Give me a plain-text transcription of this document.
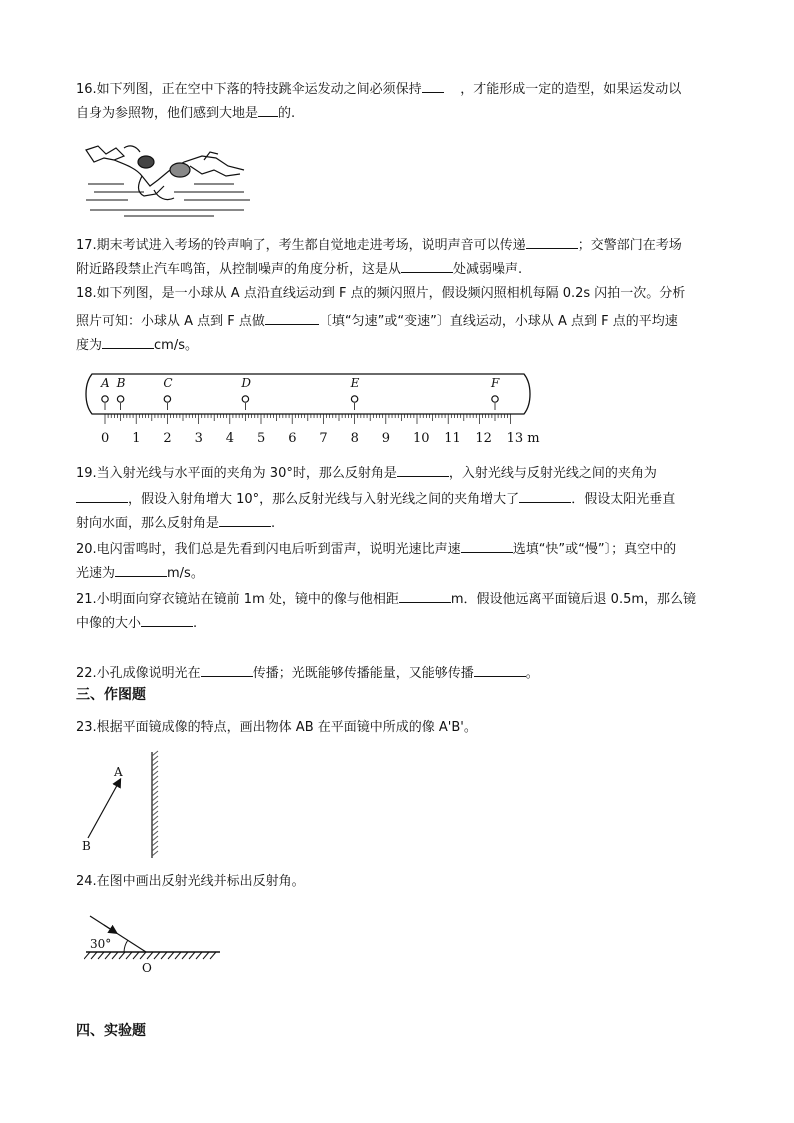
16.如下列图，正在空中下落的特技跳伞运发动之间必须保持	，才能形成一定的造型，如果运发动以
自身为参照物，他们感到大地是 的.
17.期末考试进入考场的铃声响了，考生都自觉地走进考场，说明声音可以传递	；交警部门在考场
附近路段禁止汽车鸣笛，从控制噪声的角度分析，这是从	处减弱噪声.
18.如下列图，是一小球从 A 点沿直线运动到 F 点的频闪照片，假设频闪照相机每隔 0.2s 闪拍一次。分析
照片可知：小球从 A 点到 F 点做	〔填“匀速”或“变速”〕直线运动，小球从 A 点到 F 点的平均速
度为	cm/s。
A B	C	D	E	F
0 1 2 3 4 5 6 7 8 9 10 11 12 13 m
19.当入射光线与水平面的夹角为 30°时，那么反射角是	，入射光线与反射光线之间的夹角为
，假设入射角增大 10°，那么反射光线与入射光线之间的夹角增大了	．假设太阳光垂直
射向水面，那么反射角是	.
20.电闪雷鸣时，我们总是先看到闪电后听到雷声，说明光速比声速	选填“快”或“慢”〕；真空中的
光速为	m/s。
21.小明面向穿衣镜站在镜前 1m 处，镜中的像与他相距	m．假设他远离平面镜后退 0.5m，那么镜
中像的大小	.
22.小孔成像说明光在	传播；光既能够传播能量，又能够传播	。
三、作图题
23.根据平面镜成像的特点，画出物体 AB 在平面镜中所成的像 A'B'。
A
B
24.在图中画出反射光线并标出反射角。
30°
O
四、实验题
